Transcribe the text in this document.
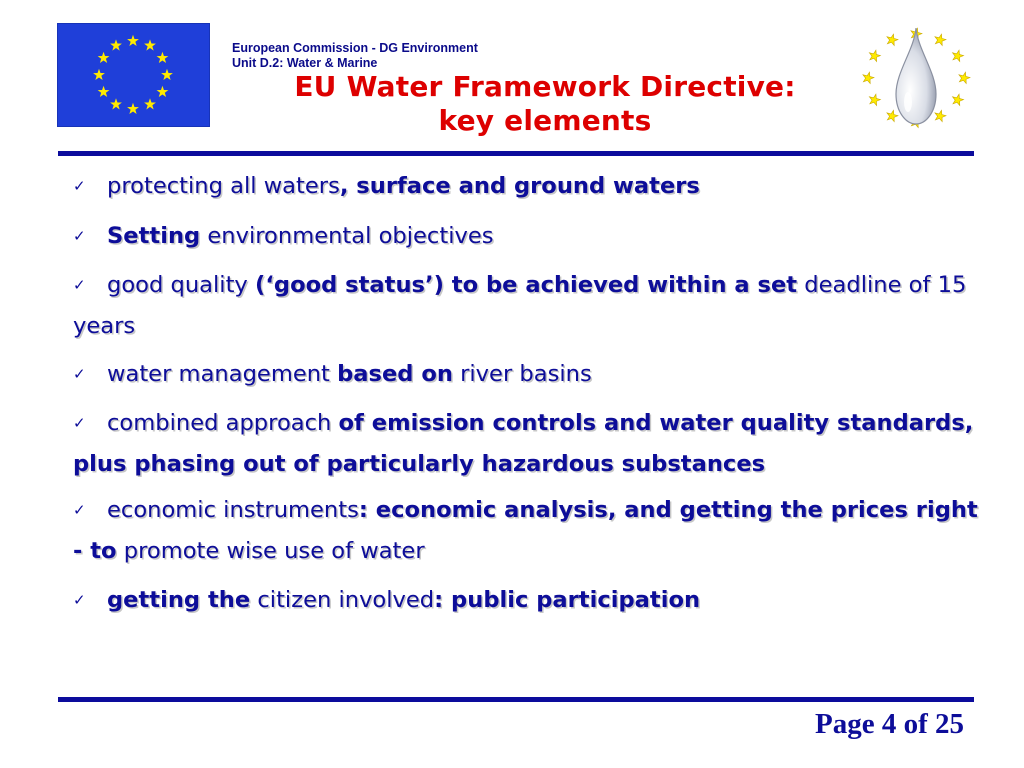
European Commission - DG Environment
Unit D.2: Water & Marine
EU Water Framework Directive:
key elements
✓ protecting all waters, surface and ground waters
✓ Setting environmental objectives
✓ good quality (‘good status’) to be achieved within a set deadline of 15 years
✓ water management based on river basins
✓ combined approach of emission controls and water quality standards, plus phasing out of particularly hazardous substances
✓ economic instruments: economic analysis, and getting the prices right - to promote wise use of water
✓ getting the citizen involved: public participation
Page 4 of 25
